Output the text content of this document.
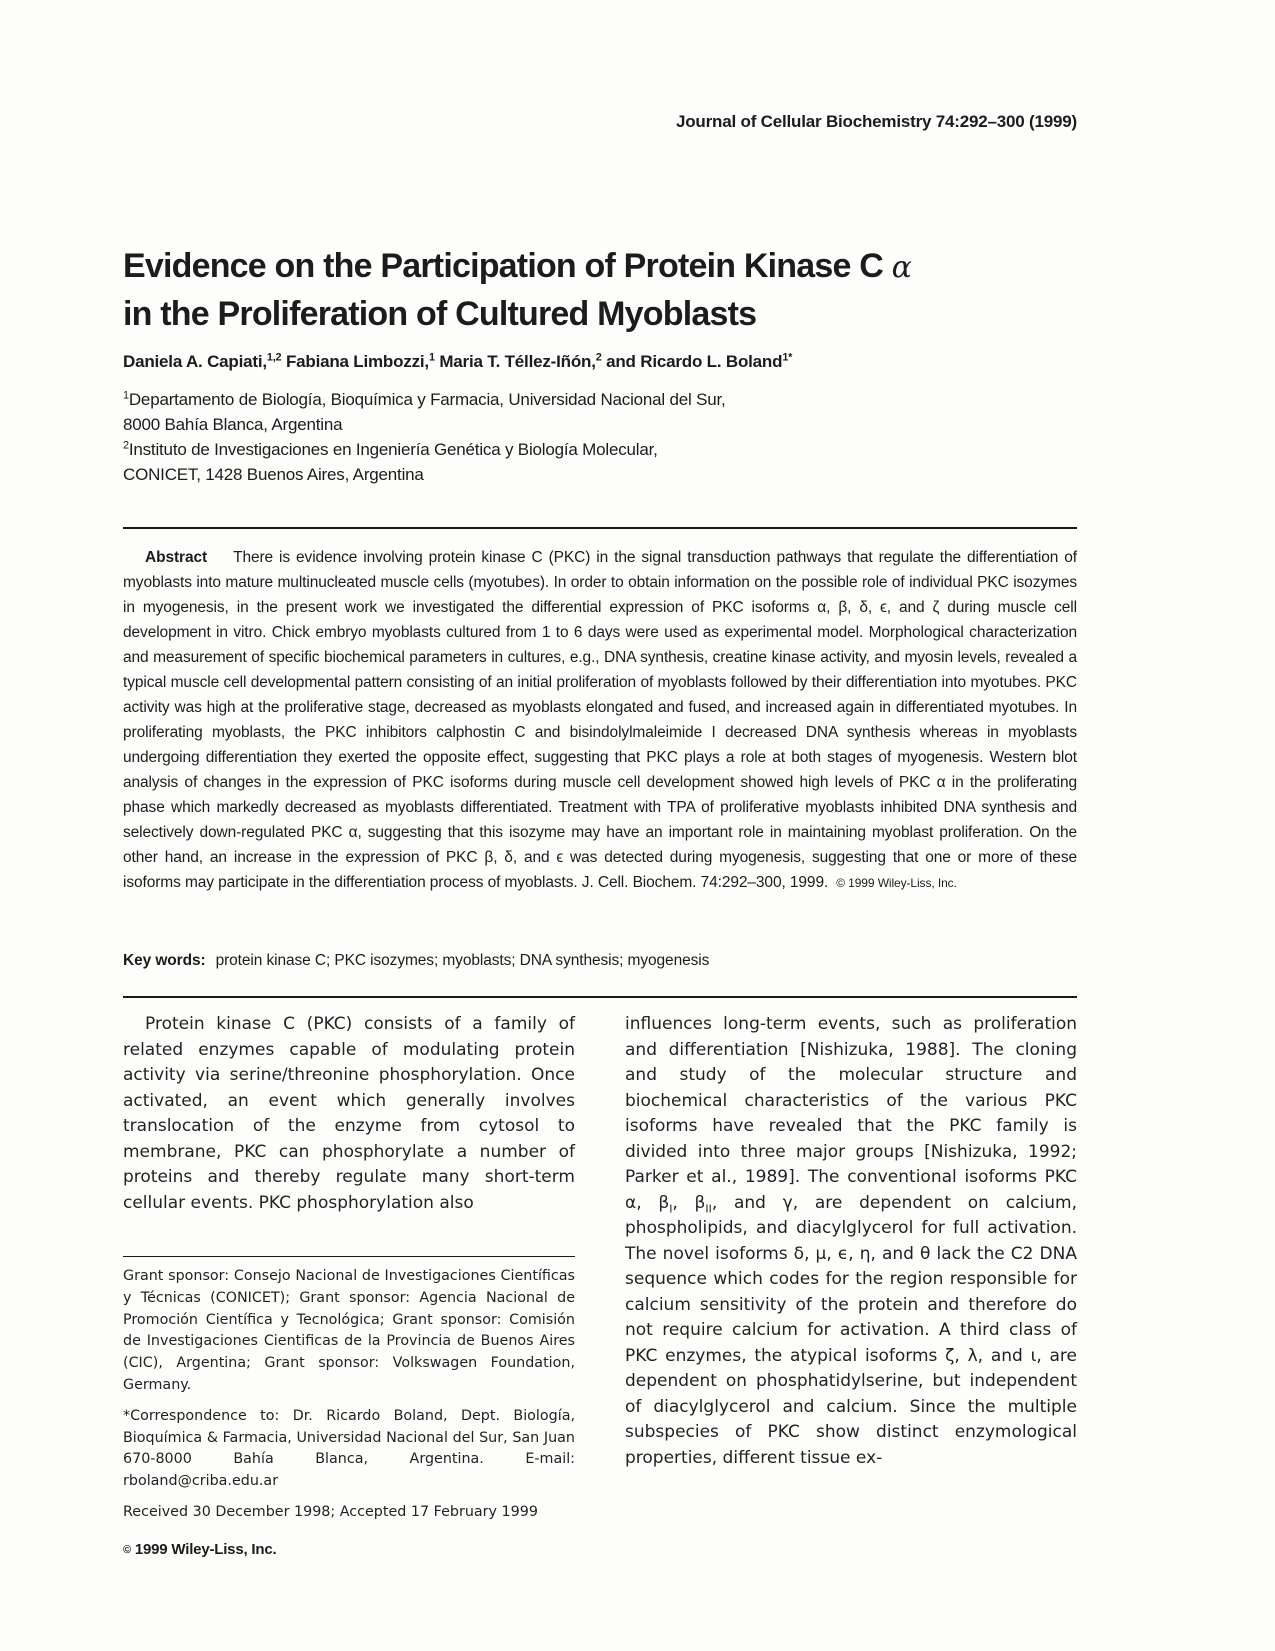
Journal of Cellular Biochemistry 74:292–300 (1999)
Evidence on the Participation of Protein Kinase C α
in the Proliferation of Cultured Myoblasts
Daniela A. Capiati,$^{1,2}$ Fabiana Limbozzi,$^1$ Maria T. Téllez-Iñón,$^2$ and Ricardo L. Boland$^{1*}$
$^1$Departamento de Biología, Bioquímica y Farmacia, Universidad Nacional del Sur,
8000 Bahía Blanca, Argentina
$^2$Instituto de Investigaciones en Ingeniería Genética y Biología Molecular,
CONICET, 1428 Buenos Aires, Argentina
Abstract There is evidence involving protein kinase C (PKC) in the signal transduction pathways that regulate the differentiation of myoblasts into mature multinucleated muscle cells (myotubes). In order to obtain information on the possible role of individual PKC isozymes in myogenesis, in the present work we investigated the differential expression of PKC isoforms α, β, δ, ϵ, and ζ during muscle cell development in vitro. Chick embryo myoblasts cultured from 1 to 6 days were used as experimental model. Morphological characterization and measurement of specific biochemical parameters in cultures, e.g., DNA synthesis, creatine kinase activity, and myosin levels, revealed a typical muscle cell developmental pattern consisting of an initial proliferation of myoblasts followed by their differentiation into myotubes. PKC activity was high at the proliferative stage, decreased as myoblasts elongated and fused, and increased again in differentiated myotubes. In proliferating myoblasts, the PKC inhibitors calphostin C and bisindolylmaleimide I decreased DNA synthesis whereas in myoblasts undergoing differentiation they exerted the opposite effect, suggesting that PKC plays a role at both stages of myogenesis. Western blot analysis of changes in the expression of PKC isoforms during muscle cell development showed high levels of PKC α in the proliferating phase which markedly decreased as myoblasts differentiated. Treatment with TPA of proliferative myoblasts inhibited DNA synthesis and selectively down-regulated PKC α, suggesting that this isozyme may have an important role in maintaining myoblast proliferation. On the other hand, an increase in the expression of PKC β, δ, and ϵ was detected during myogenesis, suggesting that one or more of these isoforms may participate in the differentiation process of myoblasts. J. Cell. Biochem. 74:292–300, 1999. © 1999 Wiley-Liss, Inc.
Key words: protein kinase C; PKC isozymes; myoblasts; DNA synthesis; myogenesis

Protein kinase C (PKC) consists of a family of related enzymes capable of modulating protein activity via serine/threonine phosphorylation. Once activated, an event which generally involves translocation of the enzyme from cytosol to membrane, PKC can phosphorylate a number of proteins and thereby regulate many short-term cellular events. PKC phosphorylation also

influences long-term events, such as proliferation and differentiation [Nishizuka, 1988]. The cloning and study of the molecular structure and biochemical characteristics of the various PKC isoforms have revealed that the PKC family is divided into three major groups [Nishizuka, 1992; Parker et al., 1989]. The conventional isoforms PKC α, $\beta_I$, $\beta_{II}$, and γ, are dependent on calcium, phospholipids, and diacylglycerol for full activation. The novel isoforms δ, μ, ϵ, η, and θ lack the C2 DNA sequence which codes for the region responsible for calcium sensitivity of the protein and therefore do not require calcium for activation. A third class of PKC enzymes, the atypical isoforms ζ, λ, and ι, are dependent on phosphatidylserine, but independent of diacylglycerol and calcium. Since the multiple subspecies of PKC show distinct enzymological properties, different tissue ex-

Grant sponsor: Consejo Nacional de Investigaciones Científicas y Técnicas (CONICET); Grant sponsor: Agencia Nacional de Promoción Científica y Tecnológica; Grant sponsor: Comisión de Investigaciones Cientificas de la Provincia de Buenos Aires (CIC), Argentina; Grant sponsor: Volkswagen Foundation, Germany.

*Correspondence to: Dr. Ricardo Boland, Dept. Biología, Bioquímica & Farmacia, Universidad Nacional del Sur, San Juan 670-8000 Bahía Blanca, Argentina. E-mail: rboland@criba.edu.ar

Received 30 December 1998; Accepted 17 February 1999

© 1999 Wiley-Liss, Inc.
